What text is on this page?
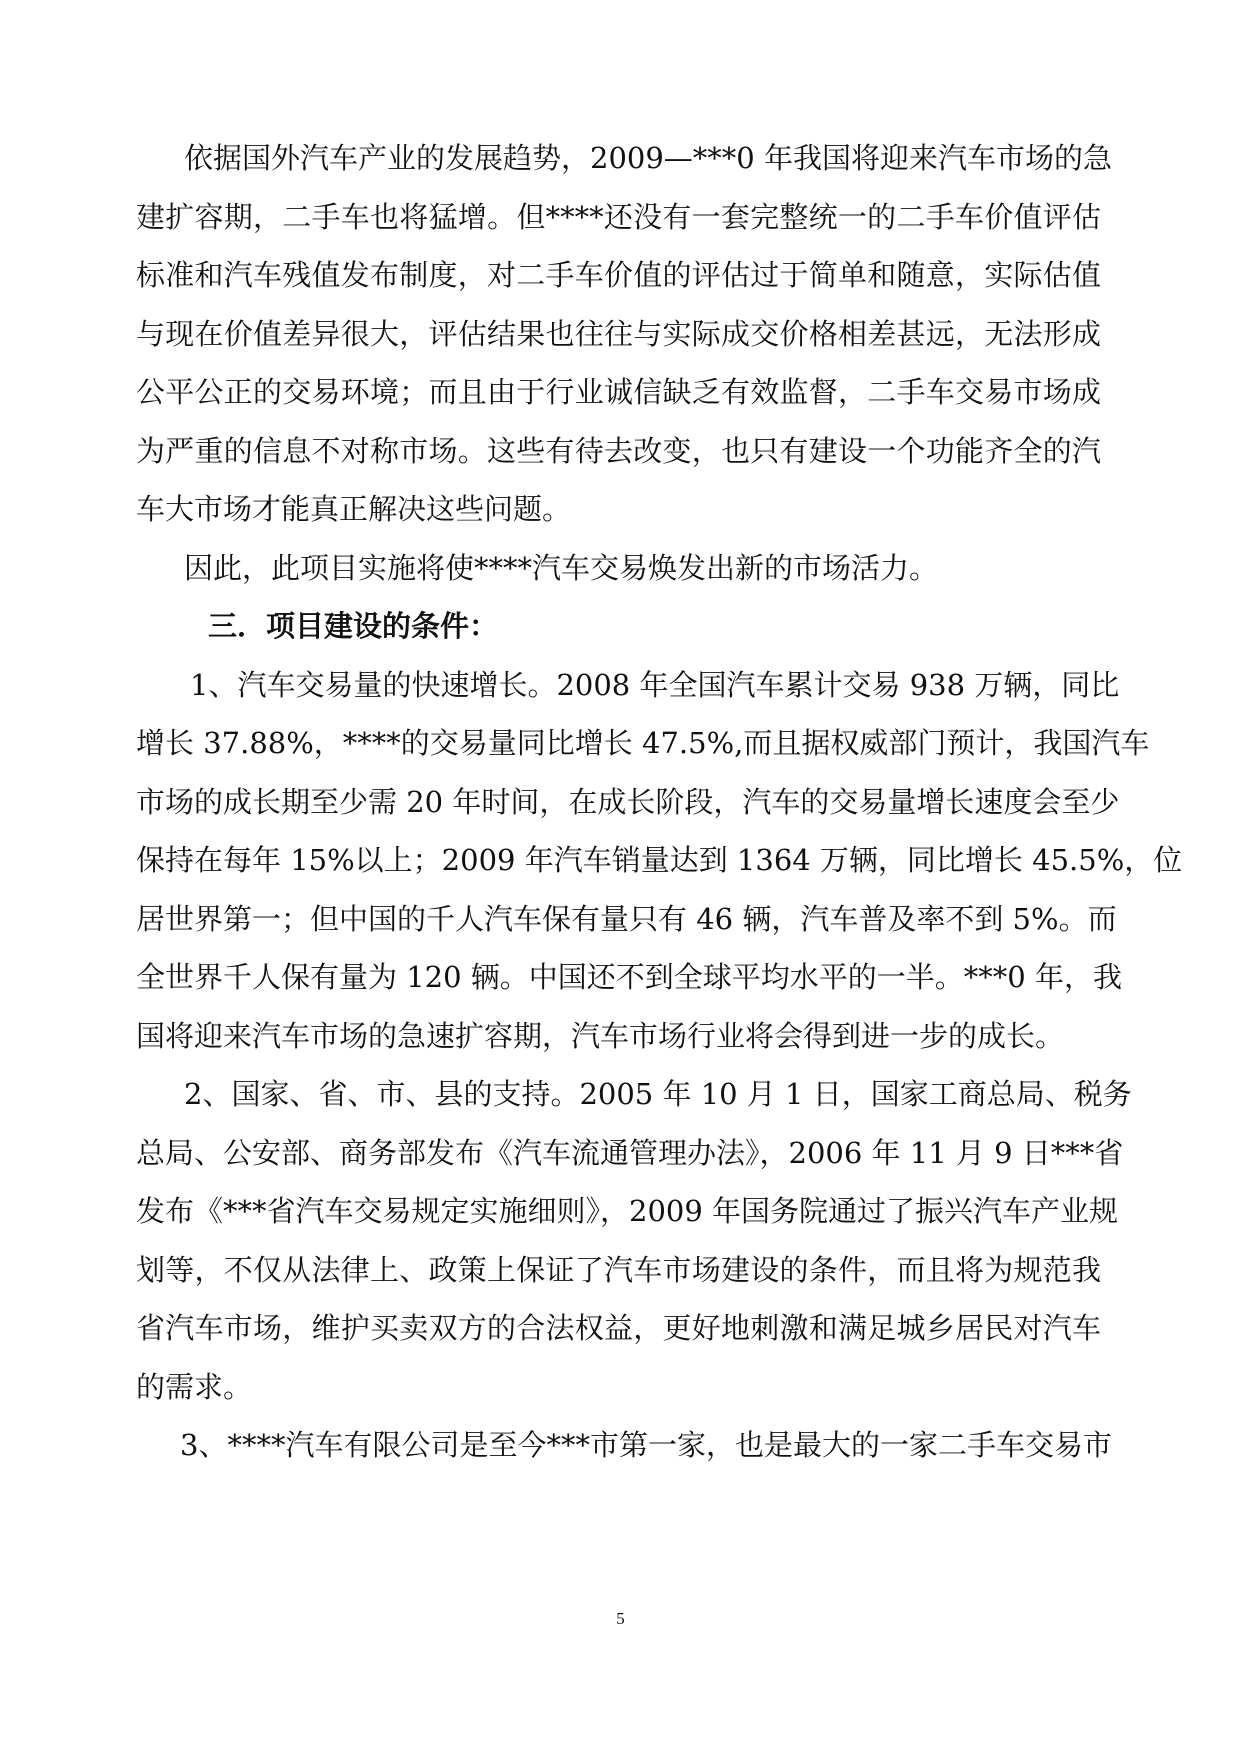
依据国外汽车产业的发展趋势，2009—***0 年我国将迎来汽车市场的急

建扩容期，二手车也将猛增。但****还没有一套完整统一的二手车价值评估

标准和汽车残值发布制度，对二手车价值的评估过于简单和随意，实际估值

与现在价值差异很大，评估结果也往往与实际成交价格相差甚远，无法形成

公平公正的交易环境；而且由于行业诚信缺乏有效监督，二手车交易市场成

为严重的信息不对称市场。这些有待去改变，也只有建设一个功能齐全的汽

车大市场才能真正解决这些问题。

因此，此项目实施将使****汽车交易焕发出新的市场活力。

三．项目建设的条件：

1、汽车交易量的快速增长。2008 年全国汽车累计交易 938 万辆，同比

增长 37.88%，****的交易量同比增长 47.5%,而且据权威部门预计，我国汽车

市场的成长期至少需 20 年时间，在成长阶段，汽车的交易量增长速度会至少

保持在每年 15%以上；2009 年汽车销量达到 1364 万辆，同比增长 45.5%，位

居世界第一；但中国的千人汽车保有量只有 46 辆，汽车普及率不到 5%。而

全世界千人保有量为 120 辆。中国还不到全球平均水平的一半。***0 年，我

国将迎来汽车市场的急速扩容期，汽车市场行业将会得到进一步的成长。

2、国家、省、市、县的支持。2005 年 10 月 1 日，国家工商总局、税务

总局、公安部、商务部发布《汽车流通管理办法》，2006 年 11 月 9 日***省

发布《***省汽车交易规定实施细则》，2009 年国务院通过了振兴汽车产业规

划等，不仅从法律上、政策上保证了汽车市场建设的条件，而且将为规范我

省汽车市场，维护买卖双方的合法权益，更好地刺激和满足城乡居民对汽车

的需求。

3、****汽车有限公司是至今***市第一家，也是最大的一家二手车交易市

5
